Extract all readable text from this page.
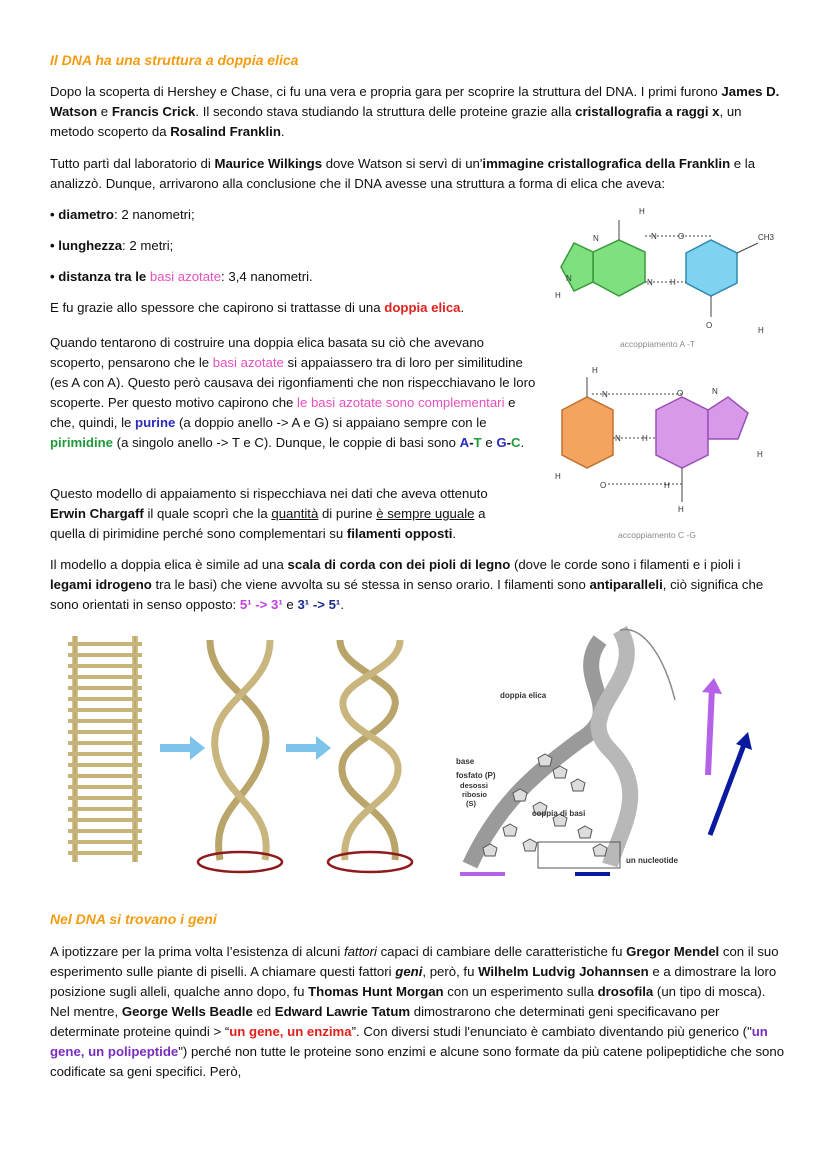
Il DNA ha una struttura a doppia elica

Dopo la scoperta di Hershey e Chase, ci fu una vera e propria gara per scoprire la struttura del DNA. I primi furono James D. Watson e Francis Crick. Il secondo stava studiando la struttura delle proteine grazie alla cristallografia a raggi x, un metodo scoperto da Rosalind Franklin.

Tutto partì dal laboratorio di Maurice Wilkings dove Watson si servì di un'immagine cristallografica della Franklin e la analizzò. Dunque, arrivarono alla conclusione che il DNA avesse una struttura a forma di elica che aveva:

• diametro: 2 nanometri;

• lunghezza: 2 metri;

• distanza tra le basi azotate: 3,4 nanometri.

E fu grazie allo spessore che capirono si trattasse di una doppia elica.

Quando tentarono di costruire una doppia elica basata su ciò che avevano scoperto, pensarono che le basi azotate si appaiassero tra di loro per similitudine (es A con A). Questo però causava dei rigonfiamenti che non rispecchiavano le loro scoperte. Per questo motivo capirono che le basi azotate sono complementari e che, quindi, le purine (a doppio anello -> A e G) si appaiano sempre con le pirimidine (a singolo anello -> T e C). Dunque, le coppie di basi sono A-T e G-C.

Questo modello di appaiamento si rispecchiava nei dati che aveva ottenuto Erwin Chargaff il quale scoprì che la quantità di purine è sempre uguale a quella di pirimidine perché sono complementari su filamenti opposti.

Il modello a doppia elica è simile ad una scala di corda con dei pioli di legno (dove le corde sono i filamenti e i pioli i legami idrogeno tra le basi) che viene avvolta su sé stessa in senso orario. I filamenti sono antiparalleli, ciò significa che sono orientati in senso opposto: 5¹ -> 3¹ e 3¹ -> 5¹.

H
N	O	CH3
N
H
N	N H
O
H
accoppiamento A -T
H
N	O
N	H
O	H
H
H
N
H
accoppiamento C -G
doppia elica
base
fosfato (P)
desossi
ribosio
(S)
coppia di basi
un nucleotide
Nel DNA si trovano i geni

A ipotizzare per la prima volta l’esistenza di alcuni fattori capaci di cambiare delle caratteristiche fu Gregor Mendel con il suo esperimento sulle piante di piselli. A chiamare questi fattori geni, però, fu Wilhelm Ludvig Johannsen e a dimostrare la loro posizione sugli alleli, qualche anno dopo, fu Thomas Hunt Morgan con un esperimento sulla drosofila (un tipo di mosca). Nel mentre, George Wells Beadle ed Edward Lawrie Tatum dimostrarono che determinati geni specificavano per determinate proteine quindi > “un gene, un enzima”. Con diversi studi l'enunciato è cambiato diventando più generico ("un gene, un polipeptide") perché non tutte le proteine sono enzimi e alcune sono formate da più catene polipeptidiche che sono codificate sa geni specifici. Però,
